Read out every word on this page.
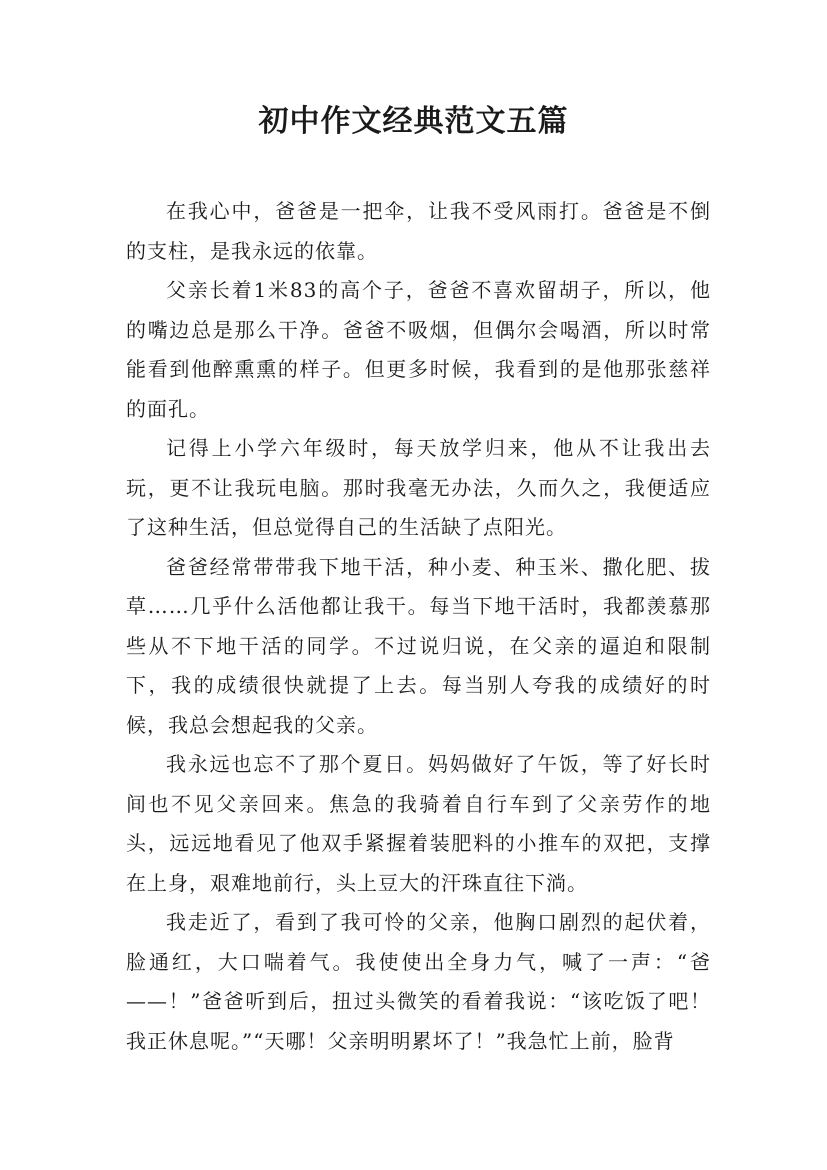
初中作文经典范文五篇

在我心中，爸爸是一把伞，让我不受风雨打。爸爸是不倒的支柱，是我永远的依靠。

父亲长着1米83的高个子，爸爸不喜欢留胡子，所以，他的嘴边总是那么干净。爸爸不吸烟，但偶尔会喝酒，所以时常能看到他醉熏熏的样子。但更多时候，我看到的是他那张慈祥的面孔。

记得上小学六年级时，每天放学归来，他从不让我出去玩，更不让我玩电脑。那时我毫无办法，久而久之，我便适应了这种生活，但总觉得自己的生活缺了点阳光。

爸爸经常带带我下地干活，种小麦、种玉米、撒化肥、拔草……几乎什么活他都让我干。每当下地干活时，我都羡慕那些从不下地干活的同学。不过说归说，在父亲的逼迫和限制下，我的成绩很快就提了上去。每当别人夸我的成绩好的时候，我总会想起我的父亲。

我永远也忘不了那个夏日。妈妈做好了午饭，等了好长时间也不见父亲回来。焦急的我骑着自行车到了父亲劳作的地头，远远地看见了他双手紧握着装肥料的小推车的双把，支撑在上身，艰难地前行，头上豆大的汗珠直往下淌。

我走近了，看到了我可怜的父亲，他胸口剧烈的起伏着，脸通红，大口喘着气。我使使出全身力气，喊了一声：“爸——！”爸爸听到后，扭过头微笑的看着我说：“该吃饭了吧！我正休息呢。”“天哪！父亲明明累坏了！”我急忙上前，脸背
